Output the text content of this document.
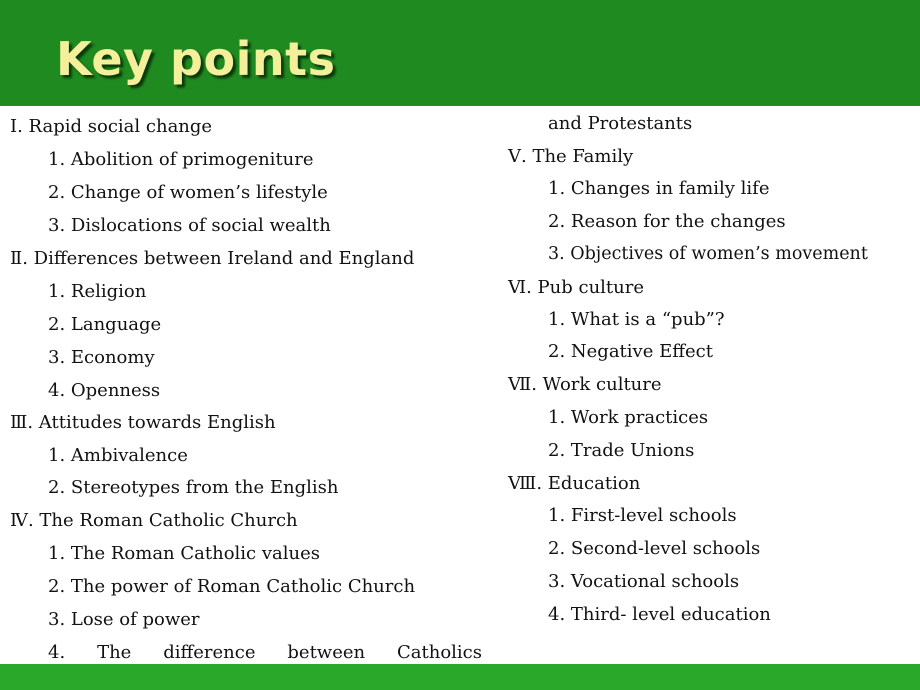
Key points
Ⅰ. Rapid social change
1. Abolition of primogeniture
2. Change of women’s lifestyle
3. Dislocations of social wealth
Ⅱ. Differences between Ireland and England
1. Religion
2. Language
3. Economy
4. Openness
Ⅲ. Attitudes towards English
1. Ambivalence
2. Stereotypes from the English
Ⅳ. The Roman Catholic Church
1. The Roman Catholic values
2. The power of Roman Catholic Church
3. Lose of power
4. The difference between Catholics
and Protestants
Ⅴ. The Family
1. Changes in family life
2. Reason for the changes
3. Objectives of women’s movement
Ⅵ. Pub culture
1. What is a “pub”?
2. Negative Effect
Ⅶ. Work culture
1. Work practices
2. Trade Unions
Ⅷ. Education
1. First-level schools
2. Second-level schools
3. Vocational schools
4. Third- level education
